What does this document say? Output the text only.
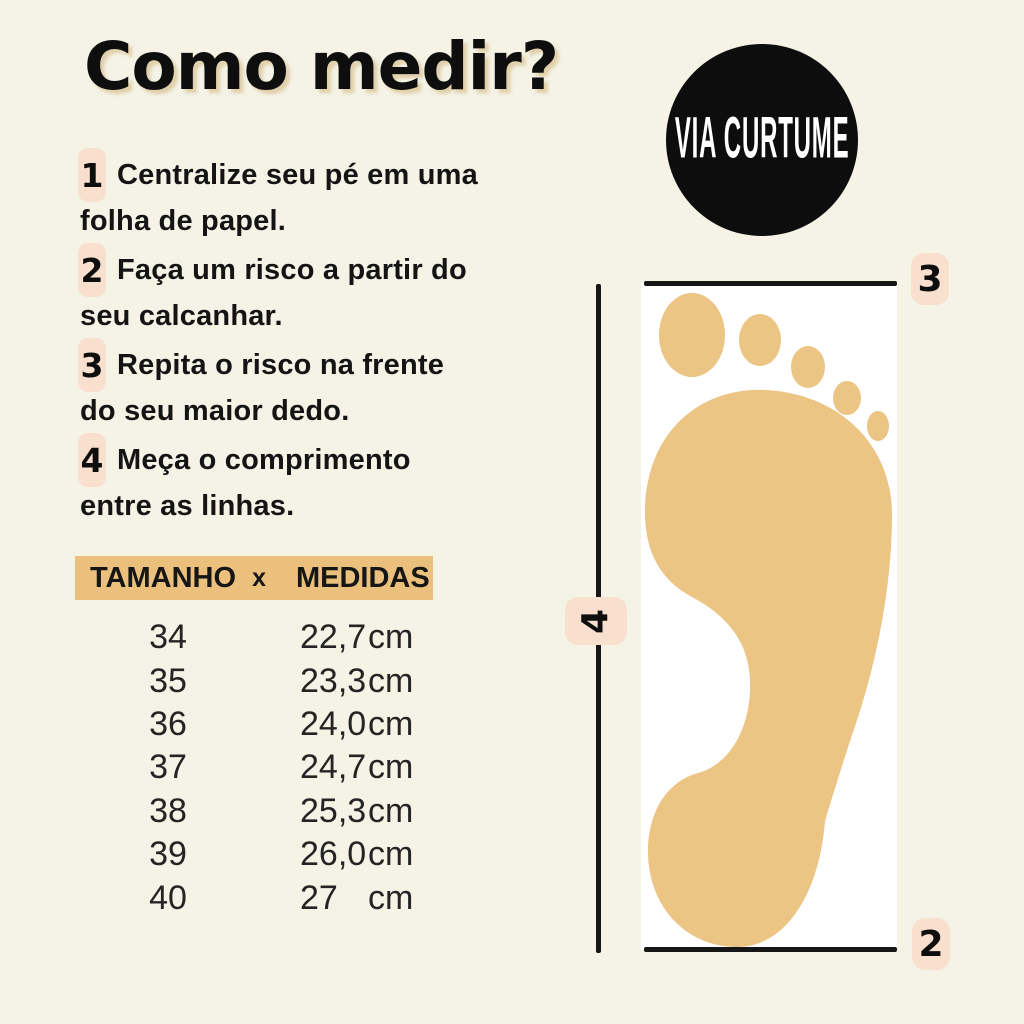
Como medir?
VIA CURTUME
1 Centralize seu pé em uma
folha de papel.
2 Faça um risco a partir do
seu calcanhar.
3 Repita o risco na frente
do seu maior dedo.
4 Meça o comprimento
entre as linhas.
TAMANHO x MEDIDAS
34	22,7 cm
35	23,3 cm
36	24,0 cm
37	24,7 cm
38	25,3 cm
39	26,0 cm
40	27 cm
3
2
4
